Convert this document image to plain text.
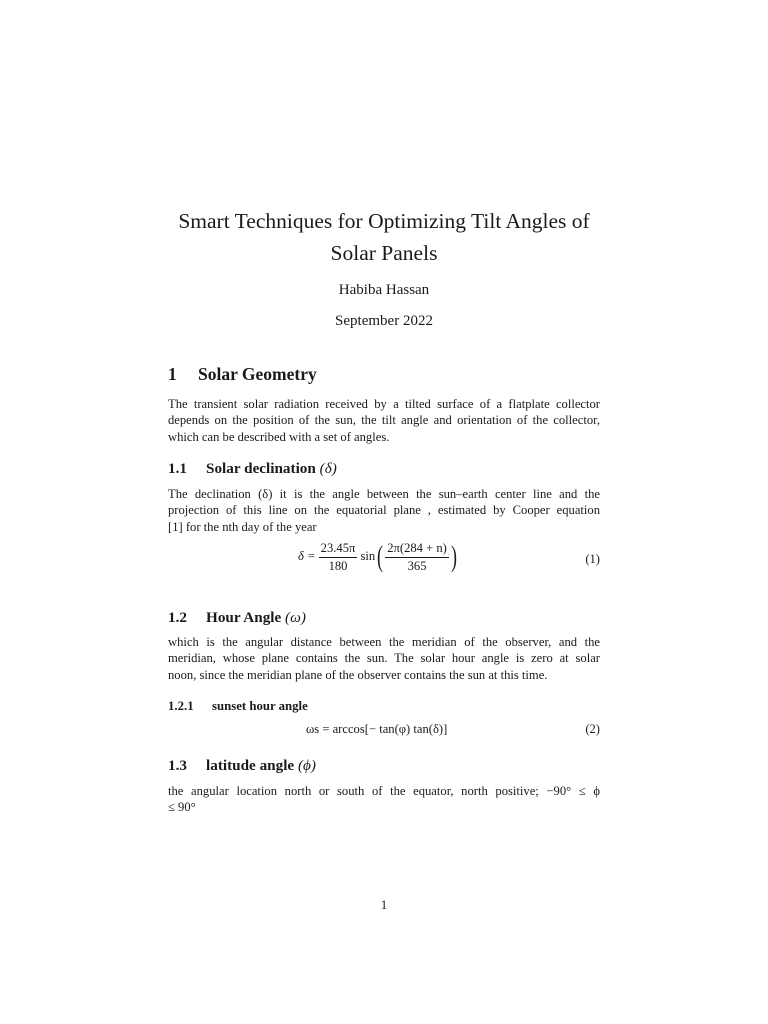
Smart Techniques for Optimizing Tilt Angles of
Solar Panels
Habiba Hassan
September 2022
1 Solar Geometry
The transient solar radiation received by a tilted surface of a flatplate collector
depends on the position of the sun, the tilt angle and orientation of the collector,
which can be described with a set of angles.
1.1 Solar declination (δ)
The declination (δ) it is the angle between the sun–earth center line and the
projection of this line on the equatorial plane , estimated by Cooper equation
[1] for the nth day of the year
$\delta = \frac{23.45\pi}{180} \sin( \frac{2\pi(284 + n)}{365}$ )	(1)
1.2 Hour Angle (ω)
which is the angular distance between the meridian of the observer, and the
meridian, whose plane contains the sun. The solar hour angle is zero at solar
noon, since the meridian plane of the observer contains the sun at this time.
1.2.1 sunset hour angle
ωs = arccos[− tan(φ) tan(δ)]	(2)
1.3 latitude angle (ϕ)
the angular location north or south of the equator, north positive; −90° ≤ ϕ
≤ 90°
1
